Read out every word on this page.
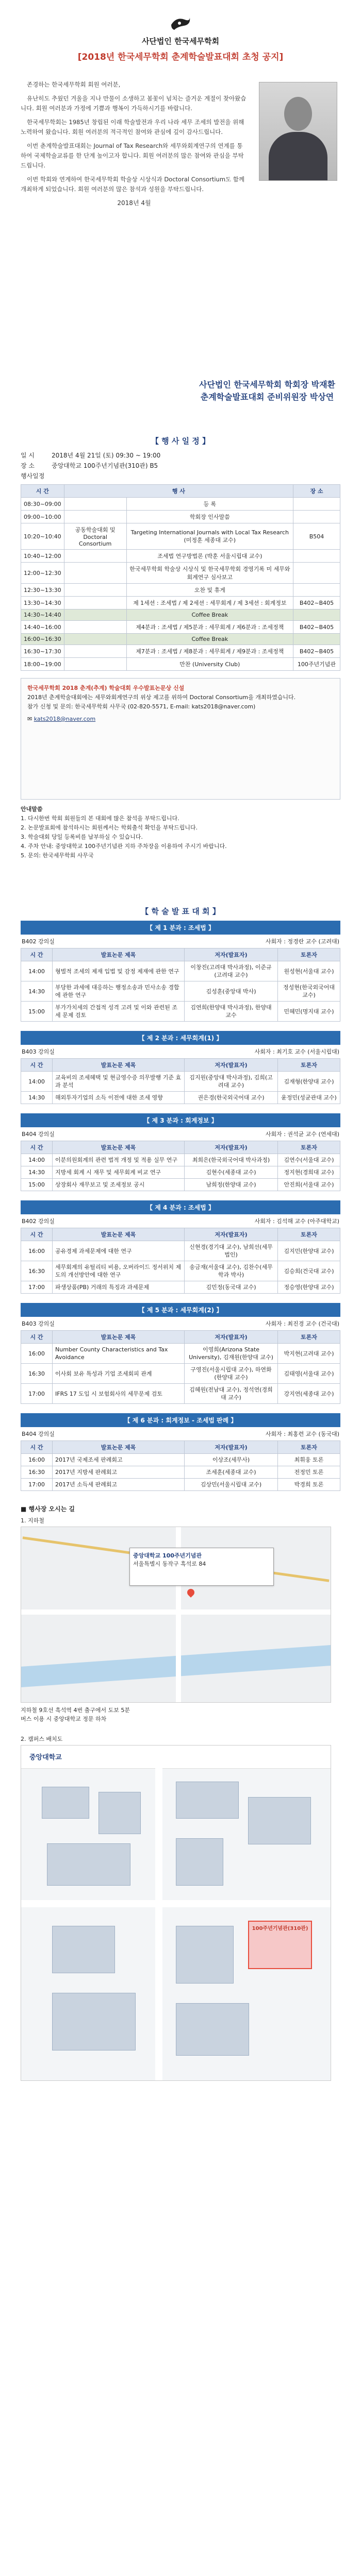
사단법인 한국세무학회
[2018년 한국세무학회 춘계학술발표대회 초청 공지]

존경하는 한국세무학회 회원 여러분,

유난히도 추웠던 겨울을 지나 만물이 소생하고 봄꽃이 넘치는 즐거운 계절이 찾아왔습니다. 회원 여러분과 가정에 기쁨과 행복이 가득하시기를 바랍니다.

한국세무학회는 1985년 창립된 이래 학술발전과 우리 나라 세무 조세의 발전을 위해 노력하여 왔습니다. 회원 여러분의 적극적인 참여와 관심에 깊이 감사드립니다.

이번 춘계학술발표대회는 Journal of Tax Research와 세무와회계연구의 연계를 통하여 국제학술교류를 한 단계 높이고자 합니다. 회원 여러분의 많은 참여와 관심을 부탁드립니다.

이번 학회와 연계하여 한국세무학회 학술상 시상식과 Doctoral Consortium도 함께 개최하게 되었습니다. 회원 여러분의 많은 참석과 성원을 부탁드립니다.

2018년 4월
사단법인 한국세무학회 학회장 박재환
춘계학술발표대회 준비위원장 박상연
【 행 사 일 정 】
일 시	2018년 4월 21일 (토) 09:30 ~ 19:00
장 소	중앙대학교 100주년기념관(310관) B5
행사일정
시 간	행 사		장 소
08:30~09:00		등 록	
09:00~10:00		학회장 인사말씀	
10:20~10:40	공동학술대회 및 Doctoral Consortium	Targeting International Journals with Local Tax Research (미정훈 세종대 교수)	B504
10:40~12:00		조세법 연구방법론 (박훈 서울시립대 교수)	
12:00~12:30		한국세무학회 학술상 시상식 및 한국세무학회 경영기록 미 세무와 회계연구 심사보고	
12:30~13:30		오찬 및 휴게	
13:30~14:30		제 1세션 : 조세법 / 제 2세션 : 세무회계 / 제 3세션 : 회계정보	B402~B405
14:30~14:40		Coffee Break	
14:40~16:00		제4분과 : 조세법 / 제5분과 : 세무회계 / 제6분과 : 조세정책	B402~B405
16:00~16:30		Coffee Break	
16:30~17:30		제7분과 : 조세법 / 제8분과 : 세무회계 / 제9분과 : 조세정책	B402~B405
18:00~19:00		만찬 (University Club)	100주년기념관
한국세무학회 2018 춘계(추계) 학술대회 우수발표논문상 신설
2018년 춘계학술대회에는 세무와회계연구의 위상 제고를 위하여 Doctoral Consortium을 개최하였습니다.
참가 신청 및 문의: 한국세무학회 사무국 (02-820-5571, E-mail: kats2018@naver.com)
✉ kats2018@naver.com
안내말씀
1. 다시한번 학회 회원들의 본 대회에 많은 참석을 부탁드립니다.
2. 논문발표회에 참석하시는 회원께서는 학회출석 확인을 부탁드립니다.
3. 학술대회 당일 등록비를 납부하실 수 있습니다.
4. 주차 안내: 중앙대학교 100주년기념관 지하 주차장을 이용하여 주시기 바랍니다.
5. 문의: 한국세무학회 사무국
【 학 술 발 표 대 회 】
【 제 1 분과 : 조세법 】
B402 강의실	사회자 : 정경란 교수 (고려대)
시 간	발표논문 제목	저자(발표자)	토론자
14:00	형벌적 조세의 제재 입법 및 감정 제재에 관한 연구	이창진(고려대 박사과정), 이준규(고려대 교수)	원성현(서울대 교수)
14:30	부당한 과세에 대응하는 행정소송과 민사소송 경합에 관한 연구	김성훈(중앙대 박사)	정성현(한국외국어대 교수)
15:00	부가가치세의 간접적 성격 고려 및 이와 관련된 조세 문제 검토	김연희(한양대 박사과정), 한양대 교수	민혜민(명지대 교수)
【 제 2 분과 : 세무회계(1) 】
B403 강의실	사회자 : 최기호 교수 (서울시립대)
시 간	발표논문 제목	저자(발표자)	토론자
14:00	교육비의 조세혜택 및 현금영수증 의무발행 기준 효과 분석	김지원(중앙대 박사과정), 김희(고려대 교수)	김재형(한양대 교수)
14:30	해외투자기업의 소득 이전에 대한 조세 영향	권은경(한국외국어대 교수)	윤정민(성균관대 교수)
【 제 3 분과 : 회계정보 】
B404 강의실	사회자 : 권석균 교수 (연세대)
시 간	발표논문 제목	저자(발표자)	토론자
14:00	이분의원회계의 관련 법적 개정 및 적용 실무 연구	최희은(한국외국어대 박사과정)	김연수(서울대 교수)
14:30	지방세 회계 시 재무 및 세무회계 비교 연구	김현수(세종대 교수)	정지현(경희대 교수)
15:00	상장회사 재무보고 및 조세정보 공시	남희정(한양대 교수)	안진희(서울대 교수)
【 제 4 분과 : 조세법 】
B402 강의실	사회자 : 김석해 교수 (아주대학교)
시 간	발표논문 제목	저자(발표자)	토론자
16:00	공유경제 과세문제에 대한 연구	신현경(경기대 교수), 남희선(세무법인)	김지민(한양대 교수)
16:30	세무회계의 유틸리티 비용, 오버라이드 정서위치 제도의 개선방안에 대한 연구	송금재(서울대 교수), 김찬수(세무학과 박사)	김승희(건국대 교수)
17:00	파생상품(PB) 거래의 특징과 과세문제	김민정(동국대 교수)	정승영(한양대 교수)
【 제 5 분과 : 세무회계(2) 】
B403 강의실	사회자 : 최진경 교수 (건국대)
시 간	발표논문 제목	저자(발표자)	토론자
16:00	Number County Characteristics and Tax Avoidance	이영희(Arizona State University), 김재원(한양대 교수)	박지현(고려대 교수)
16:30	이사회 보유 특성과 기업 조세회피 관계	구영진(서울시립대 교수), 하연화(한양대 교수)	김태영(서울대 교수)
17:00	IFRS 17 도입 시 보험회사의 세무문제 검토	김혜원(전남대 교수), 정석연(경희대 교수)	강지연(세종대 교수)
【 제 6 분과 : 회계정보 - 조세법 판례 】
B404 강의실	사회자 : 최홍련 교수 (동국대)
시 간	발표논문 제목	저자(발표자)	토론자
16:00	2017년 국제조세 판례회고	이상조(세무사)	최휘웅 토론
16:30	2017년 지방세 판례회고	조세훈(세종대 교수)	전정민 토론
17:00	2017년 소득세 판례회고	김상민(서울시립대 교수)	박경희 토론
■ 행사장 오시는 길
1. 지하철
중앙대학교 100주년기념관
서울특별시 동작구 흑석로 84
지하철 9호선 흑석역 4번 출구에서 도보 5분
버스 이용 시 중앙대학교 정문 하차
2. 캠퍼스 배치도
중앙대학교
100주년기념관(310관)
